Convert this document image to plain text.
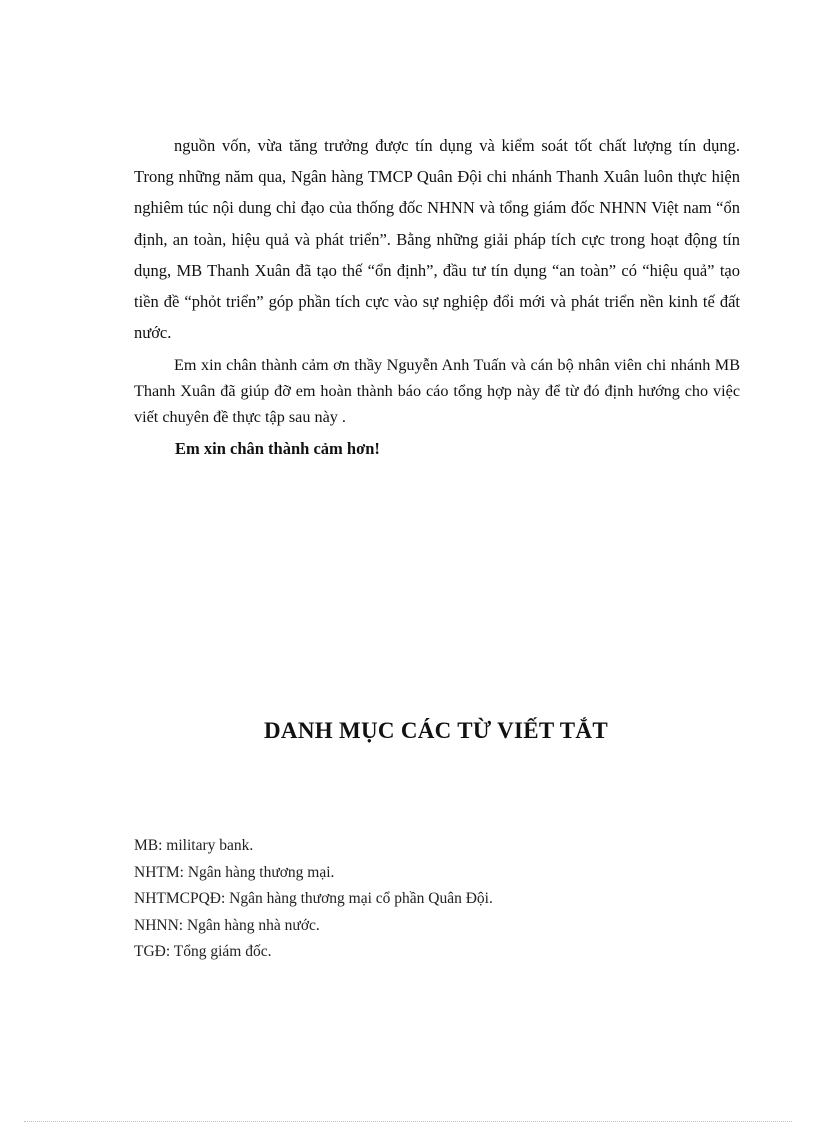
nguồn vốn, vừa tăng trưởng được tín dụng và kiểm soát tốt chất lượng tín dụng. Trong những năm qua, Ngân hàng TMCP Quân Đội chi nhánh Thanh Xuân luôn thực hiện nghiêm túc nội dung chỉ đạo của thống đốc NHNN và tổng giám đốc NHNN Việt nam “ổn định, an toàn, hiệu quả và phát triển”. Bằng những giải pháp tích cực trong hoạt động tín dụng, MB Thanh Xuân đã tạo thế “ổn định”, đầu tư tín dụng “an toàn” có “hiệu quả” tạo tiền đề “phỏt triển” góp phần tích cực vào sự nghiệp đổi mới và phát triển nền kinh tế đất nước.

Em xin chân thành cảm ơn thầy Nguyễn Anh Tuấn và cán bộ nhân viên chi nhánh MB Thanh Xuân đã giúp đỡ em hoàn thành báo cáo tổng hợp này để từ đó định hướng cho việc viết chuyên đề thực tập sau này .

Em xin chân thành cảm hơn!

DANH MỤC CÁC TỪ VIẾT TẮT
MB: military bank.
NHTM: Ngân hàng thương mại.
NHTMCPQĐ: Ngân hàng thương mại cổ phần Quân Đội.
NHNN: Ngân hàng nhà nước.
TGĐ: Tổng giám đốc.
